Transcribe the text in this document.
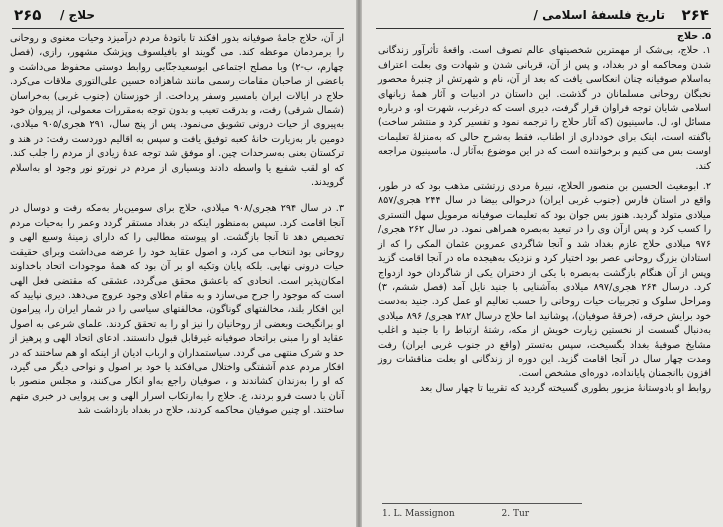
۲۶۵ حلاج /

از آن، حلاج جامهٔ صوفیانه بدور افکند تا باتودهٔ مردم درآمیزد وحیات معنوی و روحانی را برمردمان موعظه کند. می گویند او بافیلسوف وپزشک مشهور، رازی، (فصل چهارم، ب-۲) وبا مصلح اجتماعی ابوسعیدجنّابی روابط دوستی محفوظ می‌داشت و باعضی از صاحبان مقامات رسمی مانند شاهزاده حسین علی‌التوری ملاقات می‌کرد. حلاج در ایالات ایران بامسیر وسفر پرداخت. از خوزستان (جنوب غربی) به‌خراسان (شمال شرقی) رفت، و بدرقت تعیب و بدون توجه به‌مقررات معمولی، از پیروان خود به‌پیروی از حیات درونی تشویق می‌نمود. پس از پنج سال، ۲۹۱ هجری/۹۰۵ میلادی، دومین بار به‌زیارت خانهٔ کعبه توفیق یافت و سپس به اقالیم دوردست رفت: در هند و ترکستان بعنی به‌سرحدات چین. او موفق شد توجه عدهٔ زیادی از مردم را جلب کند. که او لقب شفیع یا واسطه دادند وبسیاری از مردم در نورتو نور وجود او به‌اسلام گرویدند.

۳. در سال ۲۹۴ هجری/۹۰۸ میلادی، حلاج برای سومین‌بار به‌مکه رفت و دوسال در آنجا اقامت کرد. سپس به‌منظور اینکه در بغداد مستقر گردد وعمر را به‌حیات مردم تخصیص دهد تا آنجا بازگشت. او پیوسته مطالبی را که دارای زمینهٔ وسیع الهی و روحانی بود انتخاب می کرد، و اصول عقاید خود را عرضه می‌داشت وبرای حقیقت حیات درونی نهایی. بلکه پایان وتکیه او بر آن بود که همهٔ موجودات اتحاد باخداوند امکان‌پذیر است. انحادی که باعشق محقق می‌گردد، عشقی که مقتضی فعل الهی است که موجود را جرح می‌سازد و به مقام اعلای وجود عروج می‌دهد. دیری نپایید که این افکار بلند، مخالفتهای گوناگون، مخالفتهای سیاسی را در شمار ایران را، پیرامون او برانگیخت وبعضی از روحانیان را نیز او را به تحقق کردند. علمای شرعی به اصول عقاید او را مبنی براتحاد صوفیانه غیرقابل قبول دانستند. ادعای اتحاد الهی و پرهیز از حد و شرک منتهی می گردد. سیاستمداران و ارباب ادیان از اینکه او هم ساختند که در افکار مردم عدم آشفتگی واختلال می‌افکند یا خود بر اصول و نواحی دیگر می‌ گیرد، که او را به‌زندان کشاندند و ، صوفیان راجع به‌او انکار می‌کنند، و مجلس منصور با آنان با دست فرو بردند، ع. حلاج را به‌ارتکاب اسرار الهی و بی پروایی در خبری متهم ساختند. او چنین صوفیان محاکمه کردند، حلاج در بغداد بازداشت شد

۲۶۴
تاریخ فلسفهٔ اسلامی /

۵. حلاج

۱. حلاج، بی‌شک از مهمترین شخصیتهای عالم تصوف است. واقعهٔ تأثرآور زندگانی شدن ومحاکمه او در بغداد، و پس از آن، قربانی شدن و شهادت وی بعلت اعتراف به‌اسلام صوفیانه چنان انعکاسی یافت که بعد از آن، نام و شهرتش از چنبرهٔ محصور نخبگان روحانی مسلمانان در گذشت. این داستان در ادبیات و آثار همهٔ زبانهای اسلامی شایان توجه فراوان قرار گرفت، دیری است که درغرب، شهرت او، و درباره مسائل او، ل. ماسینیون (که آثار حلاج را ترجمه نمود و تفسیر کرد و منتشر ساخت) باگفته است، اینک برای خودداری از اطناب، فقط به‌شرح حالی که به‌منزلهٔ تعلیمات اوست بس می کنیم و برخواننده است که در این موضوع به‌آثار ل. ماسینیون مراجعه کند.

۲. ابومغیث الحسین بن منصور الحلاج، نبیرهٔ مردی زرتشتی مذهب بود که در طور، واقع در استان فارس (جنوب غربی ایران) درحوالی بیضا در سال ۲۴۴ هجری/۸۵۷ میلادی متولد گردید. هنوز بس جوان بود که تعلیمات صوفیانه مرمویل سهل التستری را کسب کرد و پس ازآن وی را در تبعید به‌بصره همراهی نمود. در سال ۲۶۲ هجری/۹۷۶ میلادی حلاج عازم بغداد شد و آنجا شاگردی عمروبن عثمان المکی را که از استادان بزرگ روحانی عصر بود اختیار کرد و نزدیک به‌هیجده ماه در آنجا اقامت گزید وپس از آن هنگام بازگشت به‌بصره با یکی از دختران یکی از شاگردان خود ازدواج کرد. درسال ۲۶۴ هجری/۸۹۷ میلادی به‌آشنایی با جنید نایل آمد (فصل ششم، ۳) ومراحل سلوک و تجربیات حیات روحانی را حسب تعالیم او عمل کرد. جنید به‌دست خود برایش خرقه، (خرقهٔ صوفیان)، پوشانید اما حلاج درسال ۲۸۲ هجری/ ۸۹۶ میلادی به‌دنبال گسست از نخستین زیارت خویش از مکه، رشتهٔ ارتباط را با جنید و اغلب مشایخ صوفیهٔ بغداد بگسیخت، سپس به‌تستر (واقع در جنوب غربی ایران) رفت ومدت چهار سال در آنجا اقامت گزید. این دوره از زندگانی او بعلت مناقشات روز افزون باانجمنان پایانداده، دوره‌ای مشخص است.

روابط او بادوستانهٔ مزبور بطوری گسیخته گردید که تقریبا تا چهار سال بعد

1. L. Massignon	2. Tur
